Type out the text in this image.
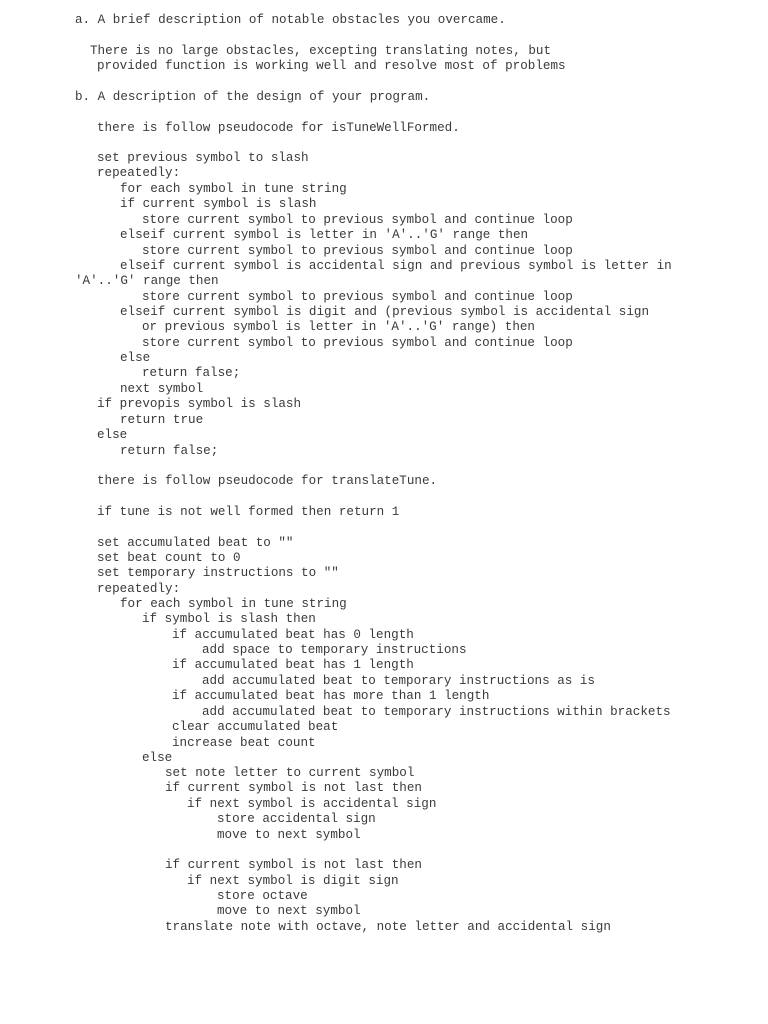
a. A brief description of notable obstacles you overcame.
There is no large obstacles, excepting translating notes, but
provided function is working well and resolve most of problems
b. A description of the design of your program.
there is follow pseudocode for isTuneWellFormed.
set previous symbol to slash
repeatedly:
for each symbol in tune string
if current symbol is slash
store current symbol to previous symbol and continue loop
elseif current symbol is letter in 'A'..'G' range then
store current symbol to previous symbol and continue loop
elseif current symbol is accidental sign and previous symbol is letter in
'A'..'G' range then
store current symbol to previous symbol and continue loop
elseif current symbol is digit and (previous symbol is accidental sign
or previous symbol is letter in 'A'..'G' range) then
store current symbol to previous symbol and continue loop
else
return false;
next symbol
if prevopis symbol is slash
return true
else
return false;
there is follow pseudocode for translateTune.
if tune is not well formed then return 1
set accumulated beat to ""
set beat count to 0
set temporary instructions to ""
repeatedly:
for each symbol in tune string
if symbol is slash then
if accumulated beat has 0 length
add space to temporary instructions
if accumulated beat has 1 length
add accumulated beat to temporary instructions as is
if accumulated beat has more than 1 length
add accumulated beat to temporary instructions within brackets
clear accumulated beat
increase beat count
else
set note letter to current symbol
if current symbol is not last then
if next symbol is accidental sign
store accidental sign
move to next symbol
if current symbol is not last then
if next symbol is digit sign
store octave
move to next symbol
translate note with octave, note letter and accidental sign
